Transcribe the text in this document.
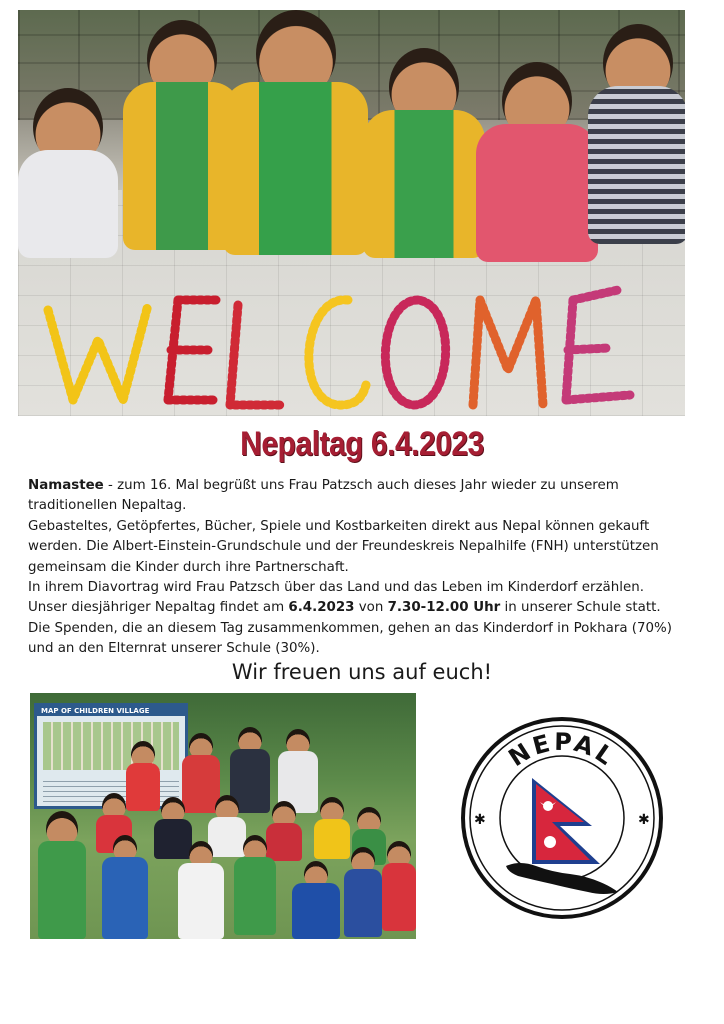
Nepaltag 6.4.2023

Namastee - zum 16. Mal begrüßt uns Frau Patzsch auch dieses Jahr wieder zu unserem traditionellen Nepaltag.

Gebasteltes, Getöpfertes, Bücher, Spiele und Kostbarkeiten direkt aus Nepal können gekauft werden. Die Albert-Einstein-Grundschule und der Freundeskreis Nepalhilfe (FNH) unterstützen gemeinsam die Kinder durch ihre Partnerschaft.

In ihrem Diavortrag wird Frau Patzsch über das Land und das Leben im Kinderdorf erzählen.

Unser diesjähriger Nepaltag findet am 6.4.2023 von 7.30-12.00 Uhr in unserer Schule statt.

Die Spenden, die an diesem Tag zusammenkommen, gehen an das Kinderdorf in Pokhara (70%) und an den Elternrat unserer Schule (30%).

Wir freuen uns auf euch!
MAP OF CHILDREN VILLAGE
NEPAL
✱	✱
